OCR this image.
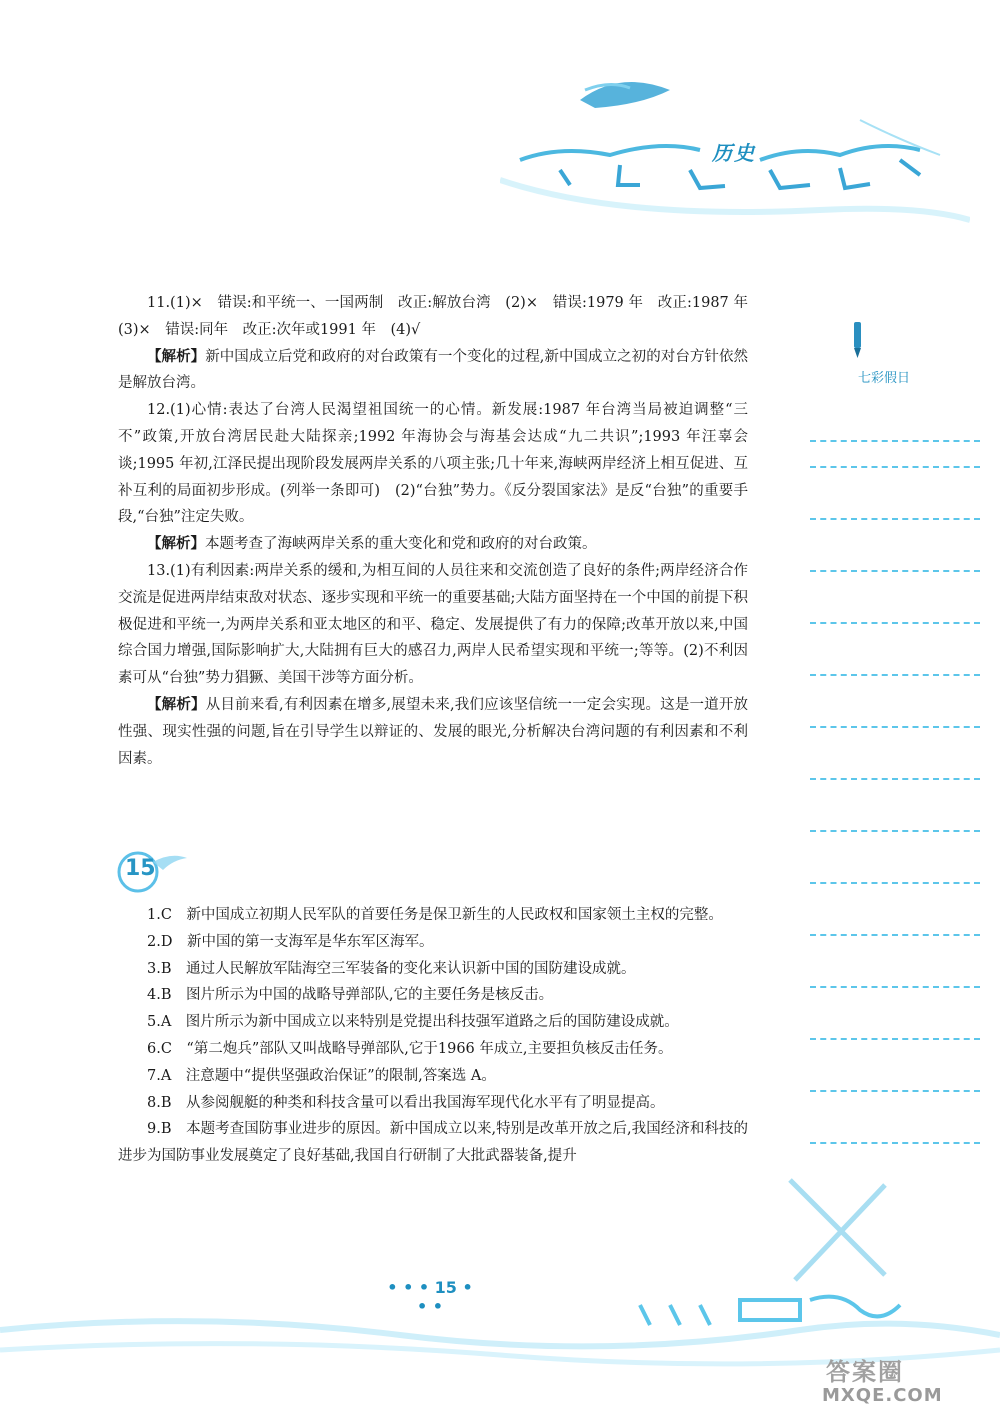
历史
七彩假日

11.(1)×　错误:和平统一、一国两制　改正:解放台湾　(2)×　错误:1979 年　改正:1987 年　(3)×　错误:同年　改正:次年或1991 年　(4)√

【解析】新中国成立后党和政府的对台政策有一个变化的过程,新中国成立之初的对台方针依然是解放台湾。

12.(1)心情:表达了台湾人民渴望祖国统一的心情。新发展:1987 年台湾当局被迫调整“三不”政策,开放台湾居民赴大陆探亲;1992 年海协会与海基会达成“九二共识”;1993 年汪辜会谈;1995 年初,江泽民提出现阶段发展两岸关系的八项主张;几十年来,海峡两岸经济上相互促进、互补互利的局面初步形成。(列举一条即可)　(2)“台独”势力。《反分裂国家法》是反“台独”的重要手段,“台独”注定失败。

【解析】本题考查了海峡两岸关系的重大变化和党和政府的对台政策。

13.(1)有利因素:两岸关系的缓和,为相互间的人员往来和交流创造了良好的条件;两岸经济合作交流是促进两岸结束敌对状态、逐步实现和平统一的重要基础;大陆方面坚持在一个中国的前提下积极促进和平统一,为两岸关系和亚太地区的和平、稳定、发展提供了有力的保障;改革开放以来,中国综合国力增强,国际影响扩大,大陆拥有巨大的感召力,两岸人民希望实现和平统一;等等。(2)不利因素可从“台独”势力猖獗、美国干涉等方面分析。

【解析】从目前来看,有利因素在增多,展望未来,我们应该坚信统一一定会实现。这是一道开放性强、现实性强的问题,旨在引导学生以辩证的、发展的眼光,分析解决台湾问题的有利因素和不利因素。

15

1.C　新中国成立初期人民军队的首要任务是保卫新生的人民政权和国家领土主权的完整。

2.D　新中国的第一支海军是华东军区海军。

3.B　通过人民解放军陆海空三军装备的变化来认识新中国的国防建设成就。

4.B　图片所示为中国的战略导弹部队,它的主要任务是核反击。

5.A　图片所示为新中国成立以来特别是党提出科技强军道路之后的国防建设成就。

6.C　“第二炮兵”部队又叫战略导弹部队,它于1966 年成立,主要担负核反击任务。

7.A　注意题中“提供坚强政治保证”的限制,答案选 A。

8.B　从参阅舰艇的种类和科技含量可以看出我国海军现代化水平有了明显提高。

9.B　本题考查国防事业进步的原因。新中国成立以来,特别是改革开放之后,我国经济和科技的进步为国防事业发展奠定了良好基础,我国自行研制了大批武器装备,提升

• • • 15 • • •
答案圈
MXQE.COM
